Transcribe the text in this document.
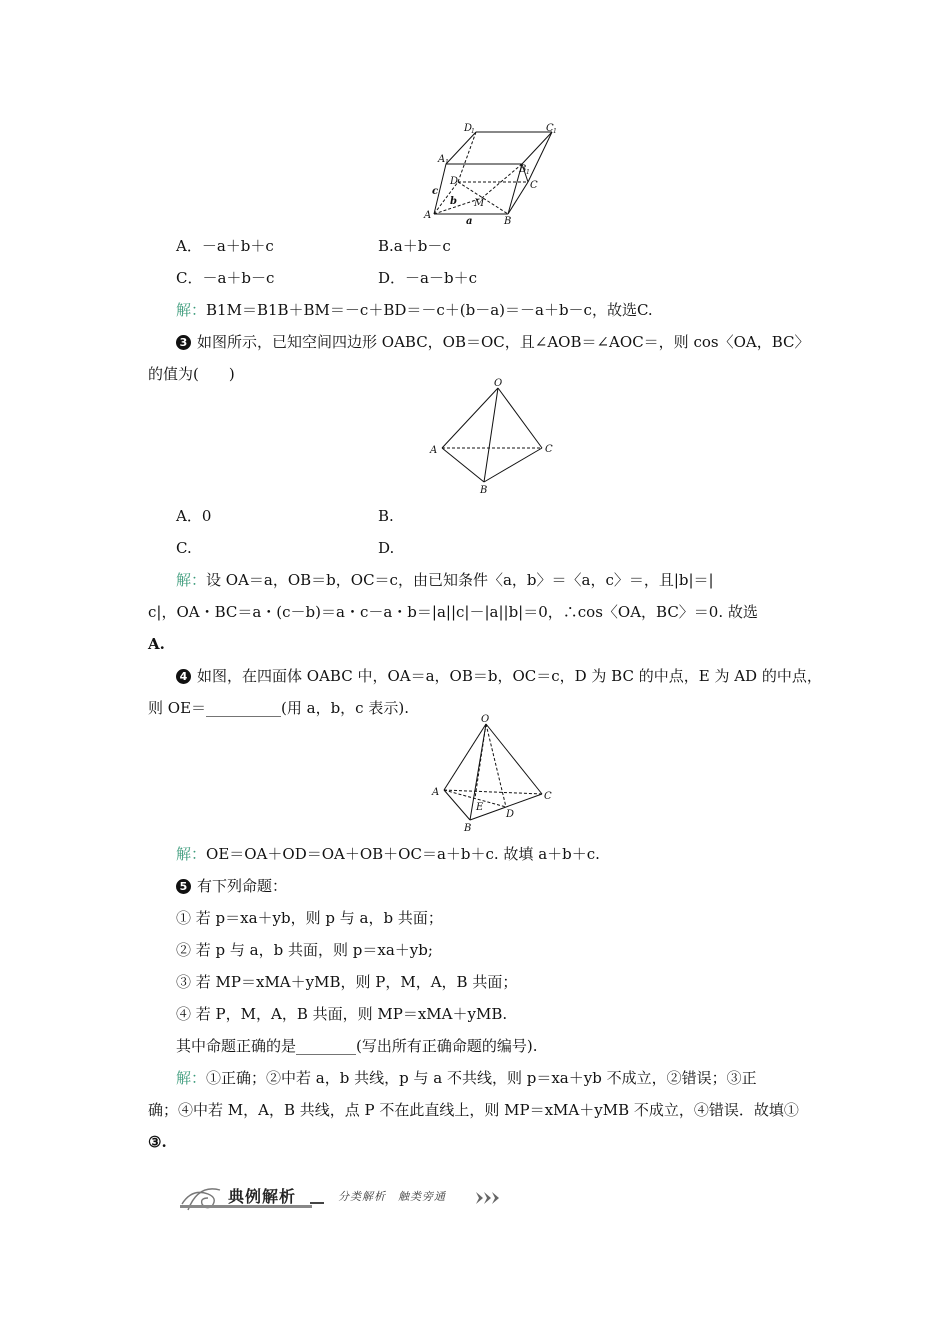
D
1	C 1
A 1
B 1
D	C
M
A
B
a
b
c
A．－a＋b＋c	B.a＋b－c
C．－a＋b－c	D．－a－b＋c
解：B1M＝B1B＋BM＝－c＋BD＝－c＋(b－a)＝－a＋b－c，故选C.
3 如图所示，已知空间四边形 OABC，OB＝OC，且∠AOB＝∠AOC＝，则 cos〈OA，BC〉
的值为(　　)
O
A	C
B
A．0	B.
C.	D.
解：设 OA＝a，OB＝b，OC＝c，由已知条件〈a，b〉＝〈a，c〉＝，且|b|＝|
c|，OA・BC＝a・(c－b)＝a・c－a・b＝|a||c|－|a||b|＝0，∴cos〈OA，BC〉＝0. 故选
A.
4 如图，在四面体 OABC 中，OA＝a，OB＝b，OC＝c，D 为 BC 的中点，E 为 AD 的中点，
则 OE＝__________(用 a，b，c 表示).
O
A	C
B
D
E
解：OE＝OA＋OD＝OA＋OB＋OC＝a＋b＋c. 故填 a＋b＋c.
5 有下列命题：
① 若 p＝xa＋yb，则 p 与 a，b 共面；
② 若 p 与 a，b 共面，则 p＝xa＋yb;
③ 若 MP＝xMA＋yMB，则 P，M，A，B 共面；
④ 若 P，M，A，B 共面，则 MP＝xMA＋yMB.
其中命题正确的是________(写出所有正确命题的编号).
解：①正确；②中若 a，b 共线，p 与 a 不共线，则 p＝xa＋yb 不成立，②错误；③正
确；④中若 M，A，B 共线，点 P 不在此直线上，则 MP＝xMA＋yMB 不成立，④错误．故填①
③.
典例解析	分类解析　触类旁通
